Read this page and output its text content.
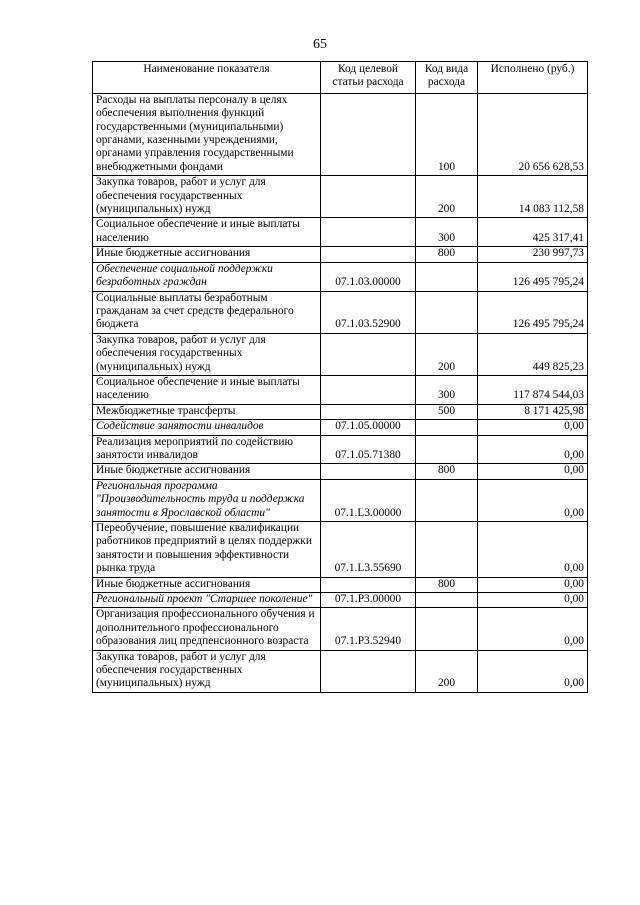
65
Наименование показателя	Код целевой статьи расхода	Код вида расхода	Исполнено (руб.)
Расходы на выплаты персоналу в целях обеспечения выполнения функций государственными (муниципальными) органами, казенными учреждениями, органами управления государственными внебюджетными фондами		100	20 656 628,53
Закупка товаров, работ и услуг для обеспечения государственных (муниципальных) нужд		200	14 083 112,58
Социальное обеспечение и иные выплаты населению		300	425 317,41
Иные бюджетные ассигнования		800	230 997,73
Обеспечение социальной поддержки безработных граждан	07.1.03.00000		126 495 795,24
Социальные выплаты безработным гражданам за счет средств федерального бюджета	07.1.03.52900		126 495 795,24
Закупка товаров, работ и услуг для обеспечения государственных (муниципальных) нужд		200	449 825,23
Социальное обеспечение и иные выплаты населению		300	117 874 544,03
Межбюджетные трансферты		500	8 171 425,98
Содействие занятости инвалидов	07.1.05.00000		0,00
Реализация мероприятий по содействию занятости инвалидов	07.1.05.71380		0,00
Иные бюджетные ассигнования		800	0,00
Региональная программа "Производительность труда и поддержка занятости в Ярославской области"	07.1.L3.00000		0,00
Переобучение, повышение квалификации работников предприятий в целях поддержки занятости и повышения эффективности рынка труда	07.1.L3.55690		0,00
Иные бюджетные ассигнования		800	0,00
Региональный проект "Старшее поколение"	07.1.P3.00000		0,00
Организация профессионального обучения и дополнительного профессионального образования лиц предпенсионного возраста	07.1.P3.52940		0,00
Закупка товаров, работ и услуг для обеспечения государственных (муниципальных) нужд		200	0,00
